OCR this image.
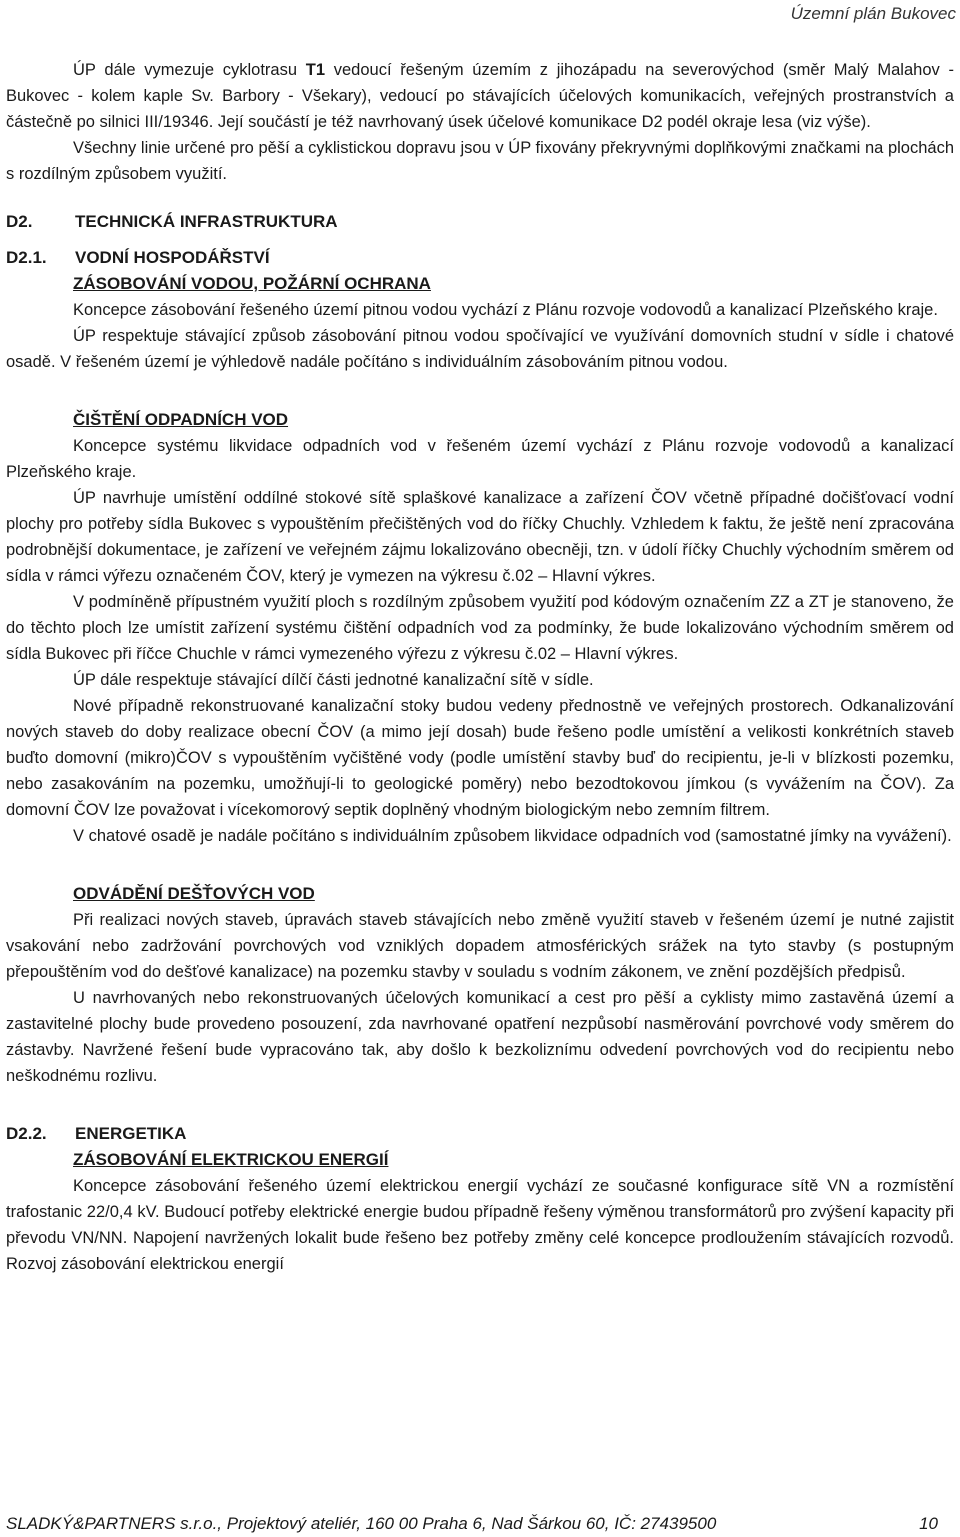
Územní plán Bukovec

ÚP dále vymezuje cyklotrasu T1 vedoucí řešeným územím z jihozápadu na severovýchod (směr Malý Malahov - Bukovec - kolem kaple Sv. Barbory - Všekary), vedoucí po stávajících účelových komunikacích, veřejných prostranstvích a částečně po silnici III/19346. Její součástí je též navrhovaný úsek účelové komunikace D2 podél okraje lesa (viz výše).

Všechny linie určené pro pěší a cyklistickou dopravu jsou v ÚP fixovány překryvnými doplňkovými značkami na plochách s rozdílným způsobem využití.

D2.	TECHNICKÁ INFRASTRUKTURA
D2.1.	VODNÍ HOSPODÁŘSTVÍ

ZÁSOBOVÁNÍ VODOU, POŽÁRNÍ OCHRANA

Koncepce zásobování řešeného území pitnou vodou vychází z Plánu rozvoje vodovodů a kanalizací Plzeňského kraje.

ÚP respektuje stávající způsob zásobování pitnou vodou spočívající ve využívání domovních studní v sídle i chatové osadě. V řešeném území je výhledově nadále počítáno s individuálním zásobováním pitnou vodou.

ČIŠTĚNÍ ODPADNÍCH VOD

Koncepce systému likvidace odpadních vod v řešeném území vychází z Plánu rozvoje vodovodů a kanalizací Plzeňského kraje.

ÚP navrhuje umístění oddílné stokové sítě splaškové kanalizace a zařízení ČOV včetně případné dočišťovací vodní plochy pro potřeby sídla Bukovec s vypouštěním přečištěných vod do říčky Chuchly. Vzhledem k faktu, že ještě není zpracována podrobnější dokumentace, je zařízení ve veřejném zájmu lokalizováno obecněji, tzn. v údolí říčky Chuchly východním směrem od sídla v rámci výřezu označeném ČOV, který je vymezen na výkresu č.02 – Hlavní výkres.

V podmíněně přípustném využití ploch s rozdílným způsobem využití pod kódovým označením ZZ a ZT je stanoveno, že do těchto ploch lze umístit zařízení systému čištění odpadních vod za podmínky, že bude lokalizováno východním směrem od sídla Bukovec při říčce Chuchle v rámci vymezeného výřezu z výkresu č.02 – Hlavní výkres.

ÚP dále respektuje stávající dílčí části jednotné kanalizační sítě v sídle.

Nové případně rekonstruované kanalizační stoky budou vedeny přednostně ve veřejných prostorech. Odkanalizování nových staveb do doby realizace obecní ČOV (a mimo její dosah) bude řešeno podle umístění a velikosti konkrétních staveb buďto domovní (mikro)ČOV s vypouštěním vyčištěné vody (podle umístění stavby buď do recipientu, je-li v blízkosti pozemku, nebo zasakováním na pozemku, umožňují-li to geologické poměry) nebo bezodtokovou jímkou (s vyvážením na ČOV). Za domovní ČOV lze považovat i vícekomorový septik doplněný vhodným biologickým nebo zemním filtrem.

V chatové osadě je nadále počítáno s individuálním způsobem likvidace odpadních vod (samostatné jímky na vyvážení).

ODVÁDĚNÍ DEŠŤOVÝCH VOD

Při realizaci nových staveb, úpravách staveb stávajících nebo změně využití staveb v řešeném území je nutné zajistit vsakování nebo zadržování povrchových vod vzniklých dopadem atmosférických srážek na tyto stavby (s postupným přepouštěním vod do dešťové kanalizace) na pozemku stavby v souladu s vodním zákonem, ve znění pozdějších předpisů.

U navrhovaných nebo rekonstruovaných účelových komunikací a cest pro pěší a cyklisty mimo zastavěná území a zastavitelné plochy bude provedeno posouzení, zda navrhované opatření nezpůsobí nasměrování povrchové vody směrem do zástavby. Navržené řešení bude vypracováno tak, aby došlo k bezkoliznímu odvedení povrchových vod do recipientu nebo neškodnému rozlivu.

D2.2.	ENERGETIKA

ZÁSOBOVÁNÍ ELEKTRICKOU ENERGIÍ

Koncepce zásobování řešeného území elektrickou energií vychází ze současné konfigurace sítě VN a rozmístění trafostanic 22/0,4 kV. Budoucí potřeby elektrické energie budou případně řešeny výměnou transformátorů pro zvýšení kapacity při převodu VN/NN. Napojení navržených lokalit bude řešeno bez potřeby změny celé koncepce prodloužením stávajících rozvodů. Rozvoj zásobování elektrickou energií

SLADKÝ&PARTNERS s.r.o., Projektový ateliér, 160 00 Praha 6, Nad Šárkou 60, IČ: 27439500	10
